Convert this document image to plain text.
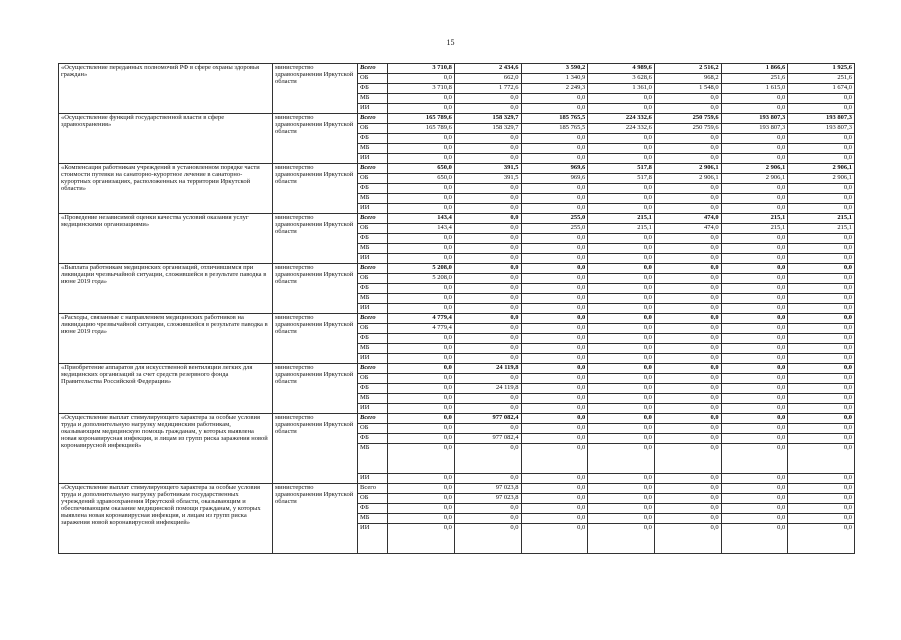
15
«Осуществление переданных полномочий РФ в сфере охраны здоровья граждан»	министерство здравоохранения Иркутской области	Всего	3 710,8	2 434,6	3 590,2	4 989,6	2 516,2	1 866,6	1 925,6
		ОБ	0,0	662,0	1 340,9	3 628,6	968,2	251,6	251,6
		ФБ	3 710,8	1 772,6	2 249,3	1 361,0	1 548,0	1 615,0	1 674,0
		МБ	0,0	0,0	0,0	0,0	0,0	0,0	0,0
		ИИ	0,0	0,0	0,0	0,0	0,0	0,0	0,0

«Осуществление функций государственной власти в сфере здравоохранения»	министерство здравоохранения Иркутской области	Всего	165 789,6	158 329,7	185 765,5	224 332,6	250 759,6	193 807,3	193 807,3
		ОБ	165 789,6	158 329,7	185 765,5	224 332,6	250 759,6	193 807,3	193 807,3
		ФБ	0,0	0,0	0,0	0,0	0,0	0,0	0,0
		МБ	0,0	0,0	0,0	0,0	0,0	0,0	0,0
		ИИ	0,0	0,0	0,0	0,0	0,0	0,0	0,0

«Компенсация работникам учреждений в установленном порядке части стоимости путевки на санаторно-курортное лечение в санаторно-курортных организациях, расположенных на территории Иркутской области»	министерство здравоохранения Иркутской области	Всего	650,0	391,5	969,6	517,8	2 906,1	2 906,1	2 906,1
		ОБ	650,0	391,5	969,6	517,8	2 906,1	2 906,1	2 906,1
		ФБ	0,0	0,0	0,0	0,0	0,0	0,0	0,0
		МБ	0,0	0,0	0,0	0,0	0,0	0,0	0,0
		ИИ	0,0	0,0	0,0	0,0	0,0	0,0	0,0

«Проведение независимой оценки качества условий оказания услуг медицинскими организациями»	министерство здравоохранения Иркутской области	Всего	143,4	0,0	255,0	215,1	474,0	215,1	215,1
		ОБ	143,4	0,0	255,0	215,1	474,0	215,1	215,1
		ФБ	0,0	0,0	0,0	0,0	0,0	0,0	0,0
		МБ	0,0	0,0	0,0	0,0	0,0	0,0	0,0
		ИИ	0,0	0,0	0,0	0,0	0,0	0,0	0,0

«Выплата работникам медицинских организаций, отличившимся при ликвидации чрезвычайной ситуации, сложившейся в результате паводка в июне 2019 года»	министерство здравоохранения Иркутской области	Всего	5 208,0	0,0	0,0	0,0	0,0	0,0	0,0
		ОБ	5 208,0	0,0	0,0	0,0	0,0	0,0	0,0
		ФБ	0,0	0,0	0,0	0,0	0,0	0,0	0,0
		МБ	0,0	0,0	0,0	0,0	0,0	0,0	0,0
		ИИ	0,0	0,0	0,0	0,0	0,0	0,0	0,0

«Расходы, связанные с направлением медицинских работников на ликвидацию чрезвычайной ситуации, сложившейся в результате паводка в июне 2019 года»	министерство здравоохранения Иркутской области	Всего	4 779,4	0,0	0,0	0,0	0,0	0,0	0,0
		ОБ	4 779,4	0,0	0,0	0,0	0,0	0,0	0,0
		ФБ	0,0	0,0	0,0	0,0	0,0	0,0	0,0
		МБ	0,0	0,0	0,0	0,0	0,0	0,0	0,0
		ИИ	0,0	0,0	0,0	0,0	0,0	0,0	0,0

«Приобретение аппаратов для искусственной вентиляции легких для медицинских организаций за счет средств резервного фонда Правительства Российской Федерации»	министерство здравоохранения Иркутской области	Всего	0,0	24 119,8	0,0	0,0	0,0	0,0	0,0
		ОБ	0,0	0,0	0,0	0,0	0,0	0,0	0,0
		ФБ	0,0	24 119,8	0,0	0,0	0,0	0,0	0,0
		МБ	0,0	0,0	0,0	0,0	0,0	0,0	0,0
		ИИ	0,0	0,0	0,0	0,0	0,0	0,0	0,0

«Осуществление выплат стимулирующего характера за особые условия труда и дополнительную нагрузку медицинским работникам, оказывающим медицинскую помощь гражданам, у которых выявлена новая коронавирусная инфекция, и лицам из групп риска заражения новой коронавирусной инфекцией»	министерство здравоохранения Иркутской области	Всего	0,0	977 082,4	0,0	0,0	0,0	0,0	0,0
		ОБ	0,0	0,0	0,0	0,0	0,0	0,0	0,0
		ФБ	0,0	977 082,4	0,0	0,0	0,0	0,0	0,0
		МБ	0,0	0,0	0,0	0,0	0,0	0,0	0,0
		ИИ	0,0	0,0	0,0	0,0	0,0	0,0	0,0

«Осуществление выплат стимулирующего характера за особые условия труда и дополнительную нагрузку работникам государственных учреждений здравоохранения Иркутской области, оказывающим и обеспечивающим оказание медицинской помощи гражданам, у которых выявлена новая коронавирусная инфекция, и лицам из групп риска заражения новой коронавирусной инфекцией»	министерство здравоохранения Иркутской области	Всего	0,0	97 023,8	0,0	0,0	0,0	0,0	0,0
		ОБ	0,0	97 023,8	0,0	0,0	0,0	0,0	0,0
		ФБ	0,0	0,0	0,0	0,0	0,0	0,0	0,0
		МБ	0,0	0,0	0,0	0,0	0,0	0,0	0,0
		ИИ	0,0	0,0	0,0	0,0	0,0	0,0	0,0
